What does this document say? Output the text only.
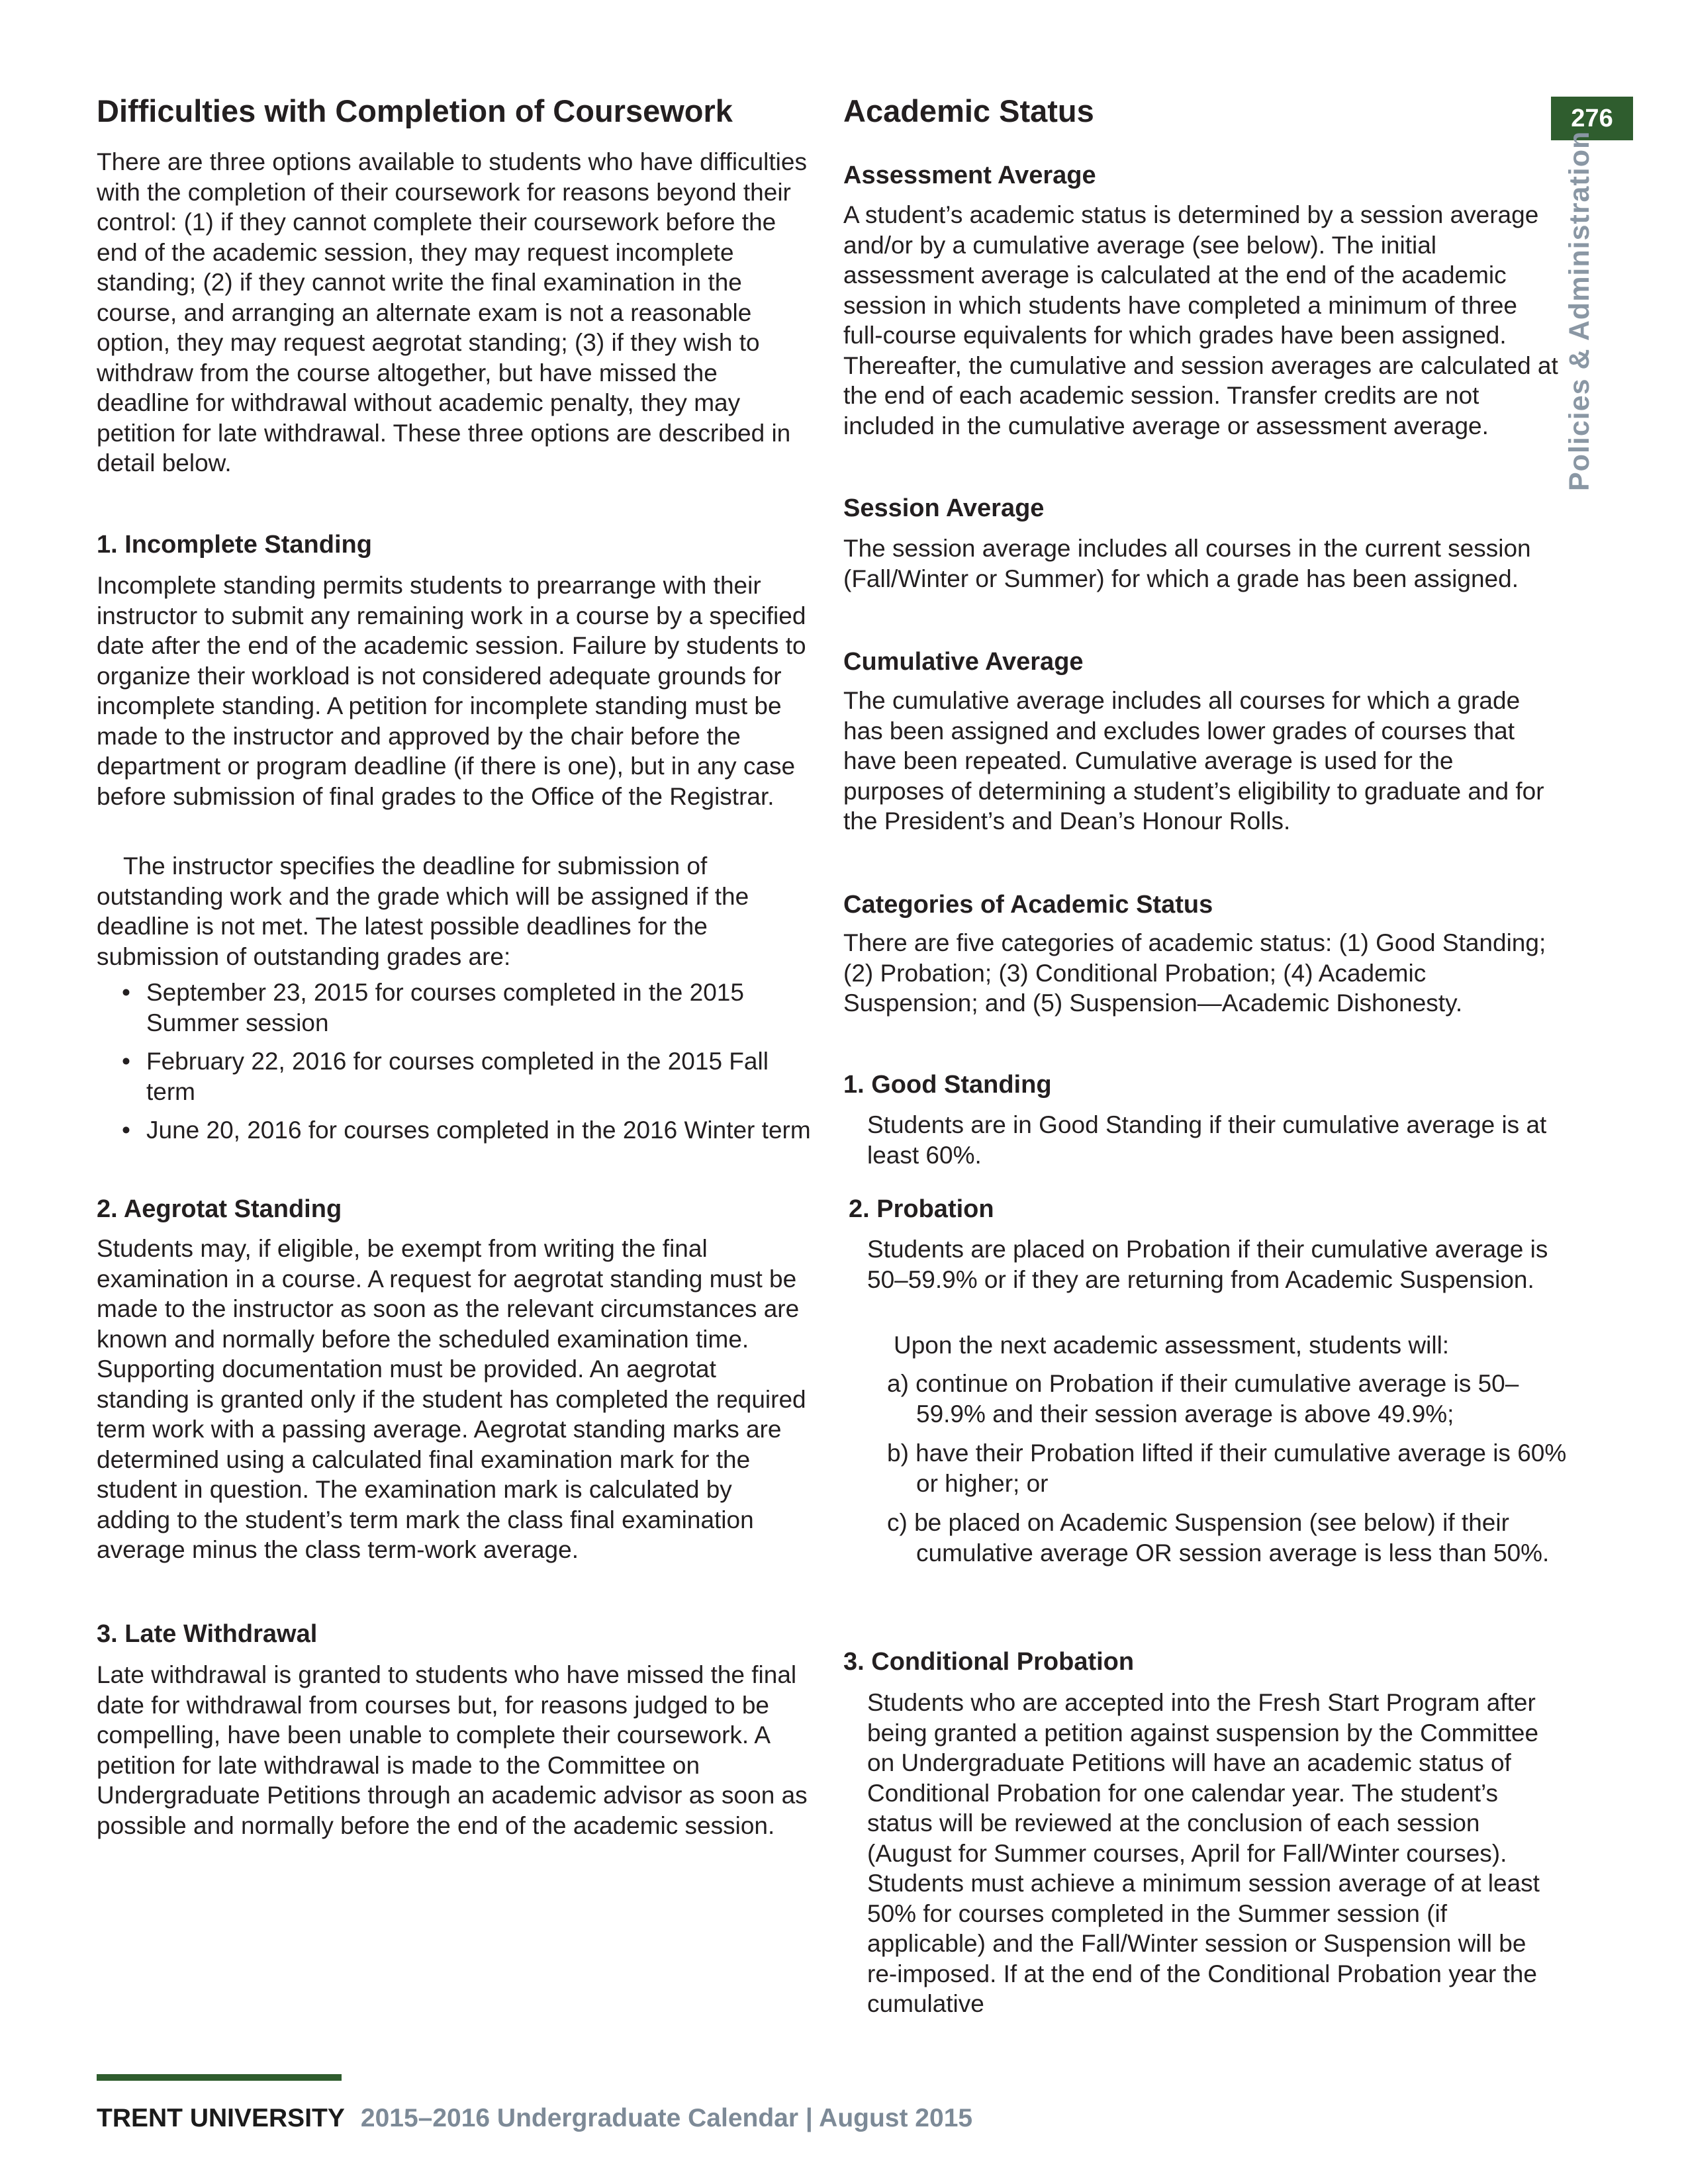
Difficulties with Completion of Coursework

There are three options available to students who have difficulties with the completion of their coursework for reasons beyond their control: (1) if they cannot complete their coursework before the end of the academic session, they may request incomplete standing; (2) if they cannot write the final examination in the course, and arranging an alternate exam is not a reasonable option, they may request aegrotat standing; (3) if they wish to withdraw from the course altogether, but have missed the deadline for withdrawal without academic penalty, they may petition for late withdrawal. These three options are described in detail below.

1. Incomplete Standing

Incomplete standing permits students to prearrange with their instructor to submit any remaining work in a course by a specified date after the end of the academic session. Failure by students to organize their workload is not considered adequate grounds for incomplete standing. A petition for incomplete standing must be made to the instructor and approved by the chair before the department or program deadline (if there is one), but in any case before submission of final grades to the Office of the Registrar.

The instructor specifies the deadline for submission of outstanding work and the grade which will be assigned if the deadline is not met. The latest possible deadlines for the submission of outstanding grades are:

• September 23, 2015 for courses completed in the 2015 Summer session
• February 22, 2016 for courses completed in the 2015 Fall term
• June 20, 2016 for courses completed in the 2016 Winter term
2. Aegrotat Standing

Students may, if eligible, be exempt from writing the final examination in a course. A request for aegrotat standing must be made to the instructor as soon as the relevant circumstances are known and normally before the scheduled examination time. Supporting documentation must be provided. An aegrotat standing is granted only if the student has completed the required term work with a passing average. Aegrotat standing marks are determined using a calculated final examination mark for the student in question. The examination mark is calculated by adding to the student’s term mark the class final examination average minus the class term-work average.

3. Late Withdrawal

Late withdrawal is granted to students who have missed the final date for withdrawal from courses but, for reasons judged to be compelling, have been unable to complete their coursework. A petition for late withdrawal is made to the Committee on Undergraduate Petitions through an academic advisor as soon as possible and normally before the end of the academic session.

Academic Status
Assessment Average

A student’s academic status is determined by a session average and/or by a cumulative average (see below). The initial assessment average is calculated at the end of the academic session in which students have completed a minimum of three full-course equivalents for which grades have been assigned. Thereafter, the cumulative and session averages are calculated at the end of each academic session. Transfer credits are not included in the cumulative average or assessment average.

Session Average

The session average includes all courses in the current session (Fall/Winter or Summer) for which a grade has been assigned.

Cumulative Average

The cumulative average includes all courses for which a grade has been assigned and excludes lower grades of courses that have been repeated. Cumulative average is used for the purposes of determining a student’s eligibility to graduate and for the President’s and Dean’s Honour Rolls.

Categories of Academic Status

There are five categories of academic status: (1) Good Standing; (2) Probation; (3) Conditional Probation; (4) Academic Suspension; and (5) Suspension—Academic Dishonesty.

1. Good Standing

Students are in Good Standing if their cumulative average is at least 60%.

2. Probation

Students are placed on Probation if their cumulative average is 50–59.9% or if they are returning from Academic Suspension.

Upon the next academic assessment, students will:

a) continue on Probation if their cumulative average is 50–59.9% and their session average is above 49.9%;

b) have their Probation lifted if their cumulative average is 60% or higher; or

c) be placed on Academic Suspension (see below) if their cumulative average OR session average is less than 50%.

3. Conditional Probation

Students who are accepted into the Fresh Start Program after being granted a petition against suspension by the Committee on Undergraduate Petitions will have an academic status of Conditional Probation for one calendar year. The student’s status will be reviewed at the conclusion of each session (August for Summer courses, April for Fall/Winter courses). Students must achieve a minimum session average of at least 50% for courses completed in the Summer session (if applicable) and the Fall/Winter session or Suspension will be re-imposed. If at the end of the Conditional Probation year the cumulative

276
Policies & Administration
TRENT UNIVERSITY 2015–2016 Undergraduate Calendar | August 2015
